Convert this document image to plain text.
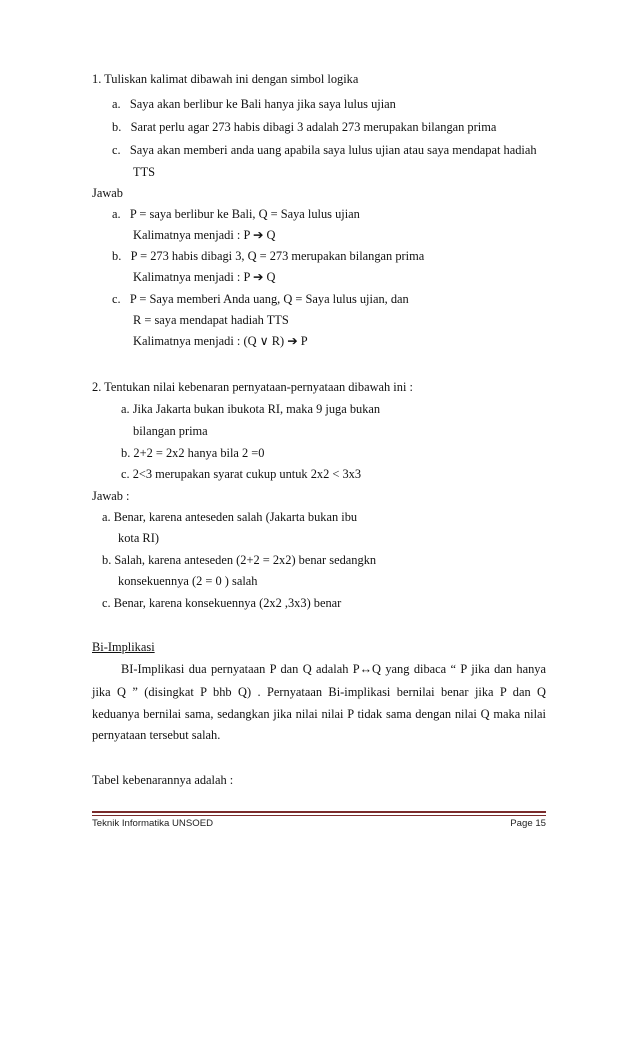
1. Tuliskan kalimat dibawah ini dengan simbol logika
a.   Saya akan berlibur ke Bali hanya jika saya lulus ujian
b.   Sarat perlu agar 273 habis dibagi 3 adalah 273 merupakan bilangan prima
c.   Saya akan memberi anda uang apabila saya lulus ujian atau saya mendapat hadiah
TTS
Jawab
a.   P = saya berlibur ke Bali, Q = Saya lulus ujian
Kalimatnya menjadi : P ➔ Q
b.   P = 273 habis dibagi 3, Q = 273 merupakan bilangan prima
Kalimatnya menjadi : P ➔ Q
c.   P = Saya memberi Anda uang, Q = Saya lulus ujian, dan
R = saya mendapat hadiah TTS
Kalimatnya menjadi : (Q ∨ R) ➔ P
2. Tentukan nilai kebenaran pernyataan-pernyataan dibawah ini :
a. Jika Jakarta bukan ibukota RI, maka 9 juga bukan
bilangan prima
b. 2+2 = 2x2 hanya bila 2 =0
c. 2<3 merupakan syarat cukup untuk 2x2 < 3x3
Jawab :
a. Benar, karena anteseden salah (Jakarta bukan ibu
kota RI)
b. Salah, karena anteseden (2+2 = 2x2) benar sedangkn
konsekuennya (2 = 0 ) salah
c. Benar, karena konsekuennya (2x2 ,3x3) benar
Bi-Implikasi
BI-Implikasi dua pernyataan P dan Q adalah P↔Q yang dibaca “ P jika dan hanya
jika Q ” (disingkat P bhb Q) . Pernyataan Bi-implikasi bernilai benar jika P dan Q
keduanya bernilai sama, sedangkan jika nilai nilai P tidak sama dengan nilai Q maka nilai
pernyataan tersebut salah.
Tabel kebenarannya adalah :
Teknik Informatika UNSOED	Page 15
